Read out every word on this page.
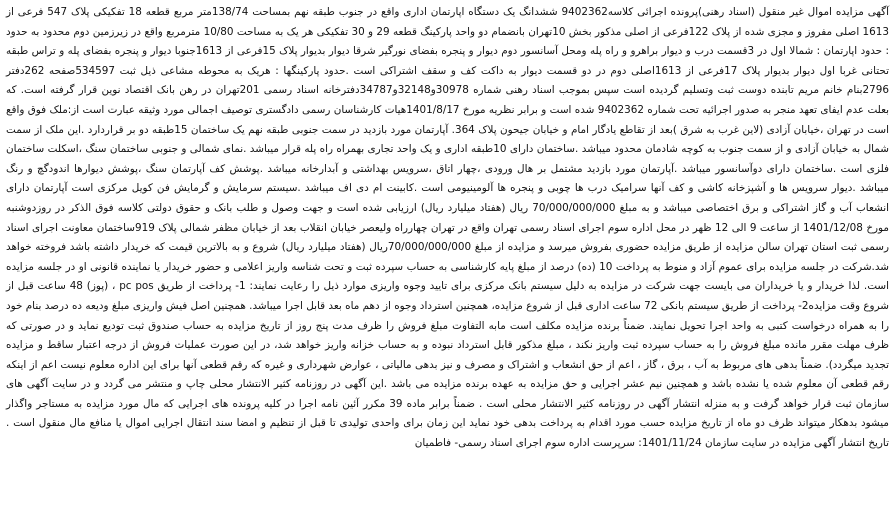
آگهی مزایده اموال غیر منقول (اسناد رهنی)پرونده اجرائی کلاسه9402362 ششدانگ یک دستگاه اپارتمان اداری واقع در جنوب طبقه نهم بمساحت 138/74متر مربع قطعه 18 تفکیکی پلاک 547 فرعی از 1613 اصلی مفروز و مجزی شده از پلاک 122فرعی از اصلی مذکور بخش 10تهران بانضمام دو واحد پارکینگ قطعه 29 و 30 تفکیکی هر یک به مساحت 10/80 مترمربع واقع در زیرزمین دوم محدود به حدود : حدود اپارتمان : شمالا اول در 3قسمت درب و دیوار براهرو و راه پله ومحل آسانسور دوم دیوار و پنجره بفضای نورگیر شرقا دیوار بدیوار پلاک 15فرعی از 1613جنوبا دیوار و پنجره بفضای پله و تراس طبقه تحتانی غربا اول دیوار بدیوار پلاک 17فرعی از 1613اصلی دوم در دو قسمت دیوار به داکت کف و سقف اشتراکی است .حدود پارکینگها : هریک به محوطه مشاعی ذیل ثبت 534597صفحه 262دفتر 2796بنام خانم مریم تابنده دوست ثبت وتسلیم گردیده است سپس بموجب اسناد رهنی شماره 30978و32148و34787دفترخانه اسناد رسمی 201تهران در رهن بانک اقتصاد نوین قرار گرفته است. که بعلت عدم ایفای تعهد منجر به صدور اجرائیه تحت شماره 9402362 شده است و برابر نظریه مورخ 1401/8/17هیات کارشناسان رسمی دادگستری توصیف اجمالی مورد وثیقه عبارت است از:ملک فوق واقع است در تهران ،خیابان آزادی (لاین غرب به شرق )بعد از تقاطع یادگار امام و خیابان جیحون پلاک 364. آپارتمان مورد بازدید در سمت جنوبی طبقه نهم یک ساختمان 15طبقه دو بر قراردارد .این ملک از سمت شمال به خیابان آزادی و از سمت جنوب به کوچه شادمان محدود میباشد .ساختمان دارای 10طبقه اداری و یک واحد تجاری بهمراه راه پله قرار میباشد .نمای شمالی و جنوبی ساختمان سنگ ،اسکلت ساختمان فلزی است .ساختمان دارای دوآسانسور میباشد .آپارتمان مورد بازدید مشتمل بر هال ورودی ،چهار اتاق ،سرویس بهداشتی و آبدارخانه میباشد .پوشش کف آپارتمان سنگ ،پوشش دیوارها اندودگچ و رنگ میباشد .دیوار سرویس ها و آشپزخانه کاشی و کف آنها سرامیک درب ها چوبی و پنجره ها آلومینیومی است .کابینت ام دی اف میباشد .سیستم سرمایش و گرمایش فن کویل مرکزی است آپارتمان دارای انشعاب آب و گاز اشتراکی و برق اختصاصی میباشد و به مبلغ 70/000/000/000 ریال (هفتاد میلیارد ریال) ارزیابی شده است و جهت وصول و طلب بانک و حقوق دولتی کلاسه فوق الذکر در روزدوشنبه مورخ 1401/12/08 از ساعت 9 الی 12 ظهر در محل اداره سوم اجرای اسناد رسمی تهران واقع در تهران چهارراه ولیعصر خیابان انقلاب بعد از خیابان مظفر شمالی پلاک 919ساختمان معاونت اجرای اسناد رسمی ثبت استان تهران سالن مزایده از طریق مزایده حضوری بفروش میرسد و مزایده از مبلغ 70/000/000/000ریال (هفتاد میلیارد ریال) شروع و به بالاترین قیمت که خریدار داشته باشد فروخته خواهد شد.شرکت در جلسه مزایده برای عموم آزاد و منوط به پرداخت 10 (ده) درصد از مبلغ پایه کارشناسی به حساب سپرده ثبت و تحت شناسه واریز اعلامی و حضور خریدار یا نماینده قانونی او در جلسه مزایده است. لذا خریدار و یا خریداران می بایست جهت شرکت در مزایده به دلیل سیستم بانک مرکزی برای تایید وجوه واریزی موارد ذیل را رعایت نمایند: 1- پرداخت از طریق pc pos ، (پوز) 48 ساعت قبل از شروع وقت مزایده2- پرداخت از طریق سیستم بانکی 72 ساعت اداری قبل از شروع مزایده، همچنین استرداد وجوه از دهم ماه بعد قابل اجرا میباشد. همچنین اصل فیش واریزی مبلغ ودیعه ده درصد بنام خود را به همراه درخواست کتبی به واحد اجرا تحویل نمایند. ضمناً برنده مزایده مکلف است مابه التفاوت مبلغ فروش را ظرف مدت پنج روز از تاریخ مزایده به حساب صندوق ثبت تودیع نماید و در صورتی که ظرف مهلت مقرر مانده مبلغ فروش را به حساب سپرده ثبت واریز نکند ، مبلغ مذکور قابل استرداد نبوده و به حساب خزانه واریز خواهد شد، در این صورت عملیات فروش از درجه اعتبار ساقط و مزایده تجدید میگردد). ضمناً بدهی های مربوط به آب ، برق ، گاز ، اعم از حق انشعاب و اشتراک و مصرف و نیز بدهی مالیاتی ، عوارض شهرداری و غیره که رقم قطعی آنها برای این اداره معلوم نیست اعم از اینکه رقم قطعی آن معلوم شده یا نشده باشد و همچنین نیم عشر اجرایی و حق مزایده به عهده برنده مزایده می باشد .این آگهی در روزنامه کثیر الانتشار محلی چاپ و منتشر می گردد و در سایت آگهی های سازمان ثبت قرار خواهد گرفت و به منزله انتشار آگهی در روزنامه کثیر الانتشار محلی است . ضمناً برابر ماده 39 مکرر آئین نامه اجرا در کلیه پرونده های اجرایی که مال مورد مزایده به مستاجر واگذار میشود بدهکار میتواند ظرف دو ماه از تاریخ مزایده حسب مورد اقدام به پرداخت بدهی خود نماید این زمان برای واحدی تولیدی تا قبل از تنظیم و امضا سند انتقال اجرایی اموال یا منافع مال منقول است . تاریخ انتشار آگهی مزایده در سایت سازمان 1401/11/24: سرپرست اداره سوم اجرای اسناد رسمی- فاطمیان
